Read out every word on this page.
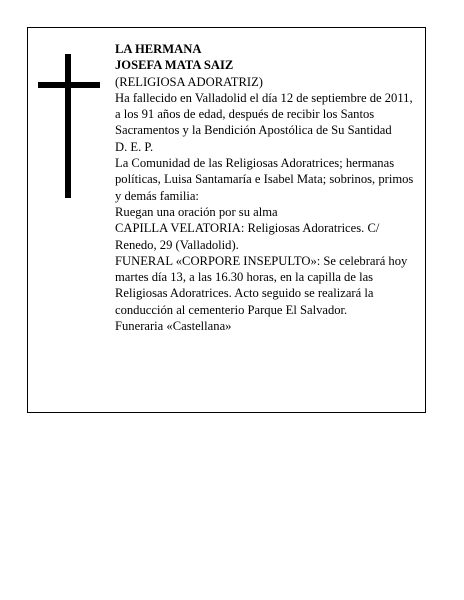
LA HERMANA

JOSEFA MATA SAIZ

(RELIGIOSA ADORATRIZ)

Ha fallecido en Valladolid el día 12 de septiembre de 2011, a los 91 años de edad, después de recibir los Santos Sacramentos y la Bendición Apostólica de Su Santidad

D. E. P.

La Comunidad de las Religiosas Adoratrices; hermanas políticas, Luisa Santamaría e Isabel Mata; sobrinos, primos y demás familia:

Ruegan una oración por su alma

CAPILLA VELATORIA: Religiosas Adoratrices. C/ Renedo, 29 (Valladolid).

FUNERAL «CORPORE INSEPULTO»: Se celebrará hoy martes día 13, a las 16.30 horas, en la capilla de las Religiosas Adoratrices. Acto seguido se realizará la conducción al cementerio Parque El Salvador.

Funeraria «Castellana»
